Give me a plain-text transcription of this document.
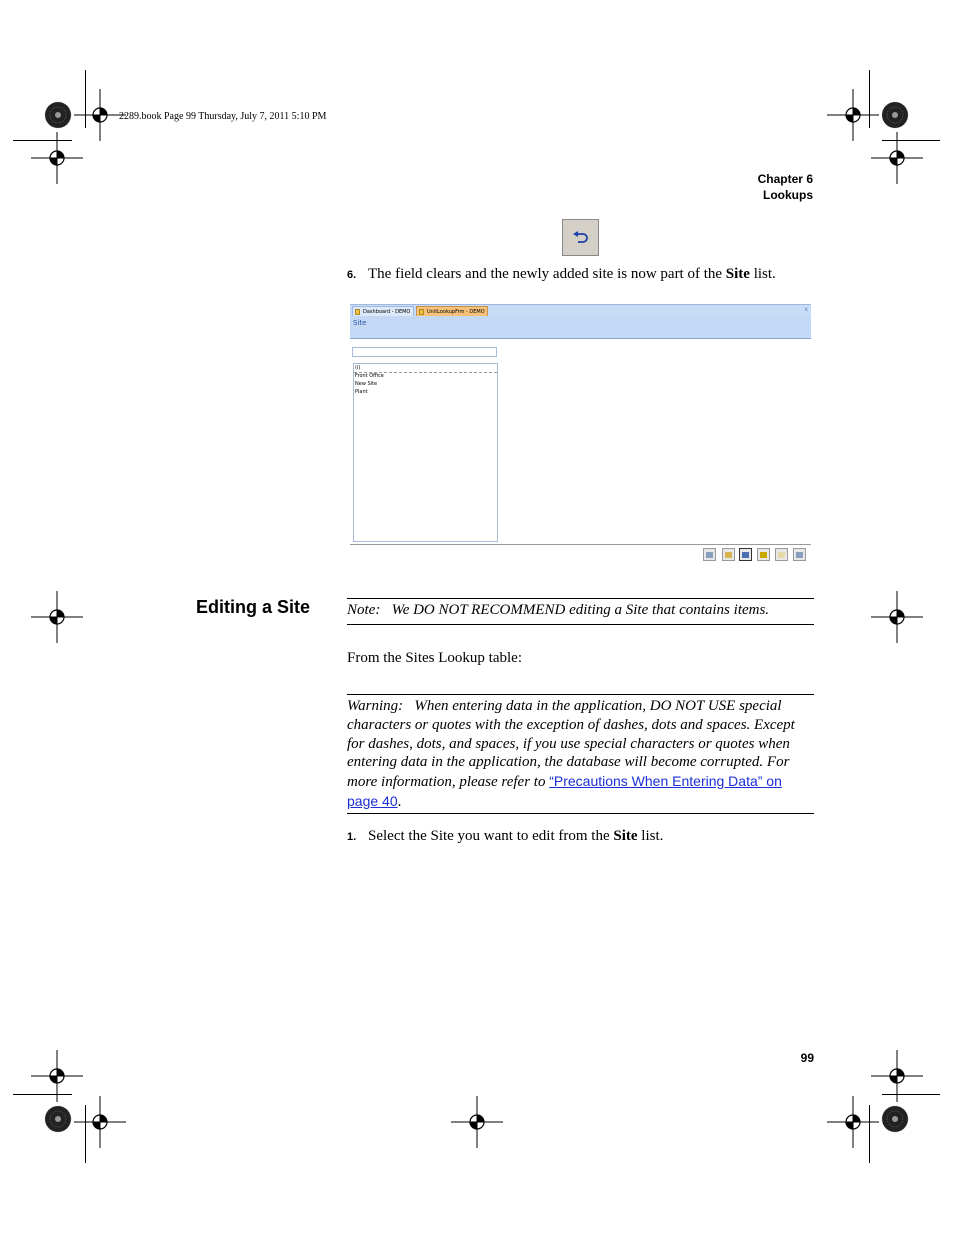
2289.book Page 99 Thursday, July 7, 2011 5:10 PM
Chapter 6
Lookups
6. The field clears and the newly added site is now part of the Site list.
Dashboard - DEMO	UnitLookupFrm - DEMO	x
Site
(i)
Front Office
New Site
Plant
Editing a Site Note: We DO NOT RECOMMEND editing a Site that contains items.
From the Sites Lookup table:
Warning: When entering data in the application, DO NOT USE special characters or quotes with the exception of dashes, dots and spaces. Except for dashes, dots, and spaces, if you use special characters or quotes when entering data in the application, the database will become corrupted. For more information, please refer to “Precautions When Entering Data” on page 40.
1. Select the Site you want to edit from the Site list.
99
